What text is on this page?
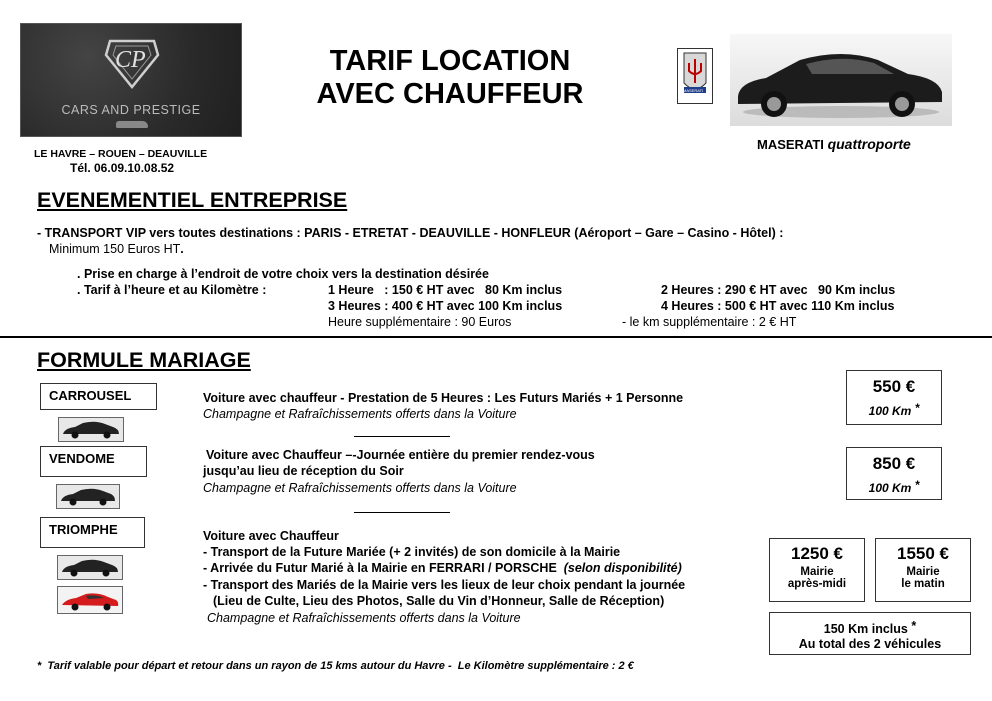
CP
CARS AND PRESTIGE
LE HAVRE – ROUEN – DEAUVILLE
Tél. 06.09.10.08.52
TARIF LOCATION
AVEC CHAUFFEUR	MASERATI
MASERATI quattroporte
EVENEMENTIEL ENTREPRISE
- TRANSPORT VIP vers toutes destinations : PARIS - ETRETAT - DEAUVILLE - HONFLEUR (Aéroport – Gare – Casino - Hôtel) :
Minimum 150 Euros HT.
. Prise en charge à l’endroit de votre choix vers la destination désirée
. Tarif à l’heure et au Kilomètre :	1 Heure   : 150 € HT avec   80 Km inclus	2 Heures : 290 € HT avec   90 Km inclus
3 Heures : 400 € HT avec 100 Km inclus	4 Heures : 500 € HT avec 110 Km inclus
Heure supplémentaire : 90 Euros	- le km supplémentaire : 2 € HT
FORMULE MARIAGE
CARROUSEL	Voiture avec chauffeur - Prestation de 5 Heures : Les Futurs Mariés + 1 Personne
Champagne et Rafraîchissements offerts dans la Voiture
550 €
100 Km *
VENDOME	Voiture avec Chauffeur –-Journée entière du premier rendez-vous
jusqu’au lieu de réception du Soir
Champagne et Rafraîchissements offerts dans la Voiture
850 €
100 Km *
TRIOMPHE	Voiture avec Chauffeur
- Transport de la Future Mariée (+ 2 invités) de son domicile à la Mairie
- Arrivée du Futur Marié à la Mairie en FERRARI / PORSCHE (selon disponibilité)
- Transport des Mariés de la Mairie vers les lieux de leur choix pendant la journée
(Lieu de Culte, Lieu des Photos, Salle du Vin d’Honneur, Salle de Réception)
Champagne et Rafraîchissements offerts dans la Voiture
1250 €
Mairie
après-midi
1550 €
Mairie
le matin
150 Km inclus *
Au total des 2 véhicules
*  Tarif valable pour départ et retour dans un rayon de 15 kms autour du Havre -  Le Kilomètre supplémentaire : 2 €
